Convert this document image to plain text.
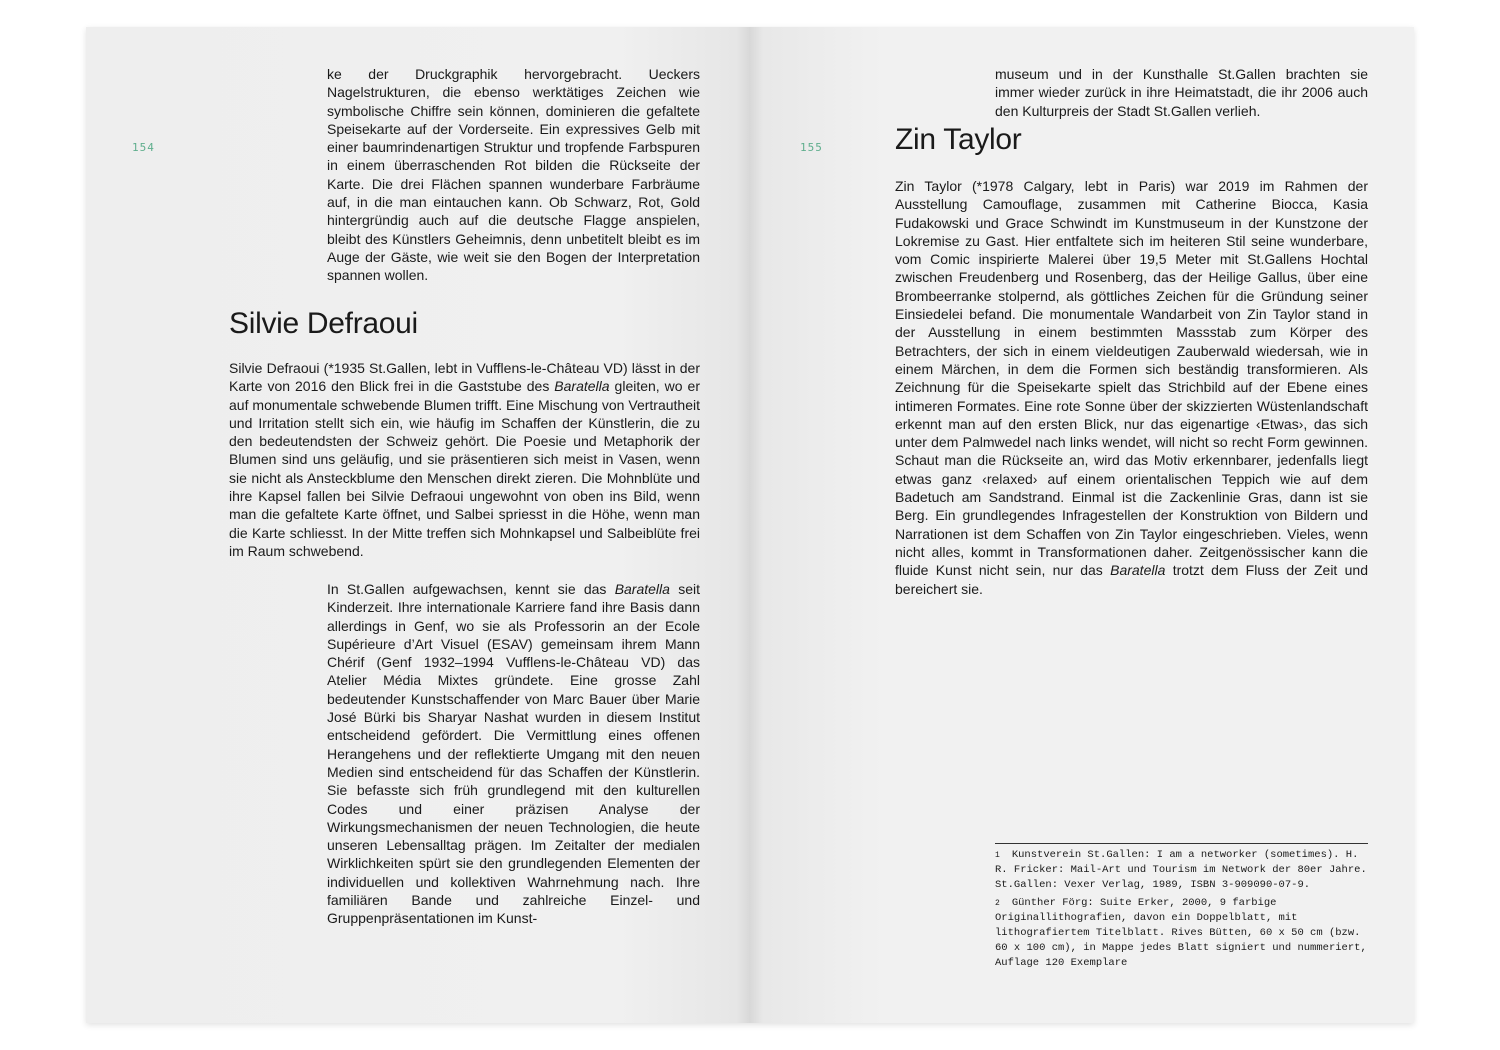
154

ke der Druckgraphik hervorgebracht. Ueckers Nagelstrukturen, die ebenso werktätiges Zeichen wie symbolische Chiffre sein können, dominieren die gefaltete Speisekarte auf der Vorderseite. Ein expressives Gelb mit einer baumrindenartigen Struktur und tropfende Farbspuren in einem überraschenden Rot bilden die Rückseite der Karte. Die drei Flächen spannen wunderbare Farbräume auf, in die man eintauchen kann. Ob Schwarz, Rot, Gold hintergründig auch auf die deutsche Flagge anspielen, bleibt des Künstlers Geheimnis, denn unbetitelt bleibt es im Auge der Gäste, wie weit sie den Bogen der Interpretation spannen wollen.

Silvie Defraoui

Silvie Defraoui (*1935 St.Gallen, lebt in Vufflens-le-Château VD) lässt in der Karte von 2016 den Blick frei in die Gaststube des Baratella gleiten, wo er auf monumentale schwebende Blumen trifft. Eine Mischung von Vertrautheit und Irritation stellt sich ein, wie häufig im Schaffen der Künstlerin, die zu den bedeutendsten der Schweiz gehört. Die Poesie und Metaphorik der Blumen sind uns geläufig, und sie präsentieren sich meist in Vasen, wenn sie nicht als Ansteckblume den Menschen direkt zieren. Die Mohnblüte und ihre Kapsel fallen bei Silvie Defraoui ungewohnt von oben ins Bild, wenn man die gefaltete Karte öffnet, und Salbei spriesst in die Höhe, wenn man die Karte schliesst. In der Mitte treffen sich Mohnkapsel und Salbeiblüte frei im Raum schwebend.

In St.Gallen aufgewachsen, kennt sie das Baratella seit Kinderzeit. Ihre internationale Karriere fand ihre Basis dann allerdings in Genf, wo sie als Professorin an der Ecole Supérieure d’Art Visuel (ESAV) gemeinsam ihrem Mann Chérif (Genf 1932–1994 Vufflens-le-Château VD) das Atelier Média Mixtes gründete. Eine grosse Zahl bedeutender Kunstschaffender von Marc Bauer über Marie José Bürki bis Sharyar Nashat wurden in diesem Institut entscheidend gefördert. Die Vermittlung eines offenen Herangehens und der reflektierte Umgang mit den neuen Medien sind entscheidend für das Schaffen der Künstlerin. Sie befasste sich früh grundlegend mit den kulturellen Codes und einer präzisen Analyse der Wirkungsmechanismen der neuen Technologien, die heute unseren Lebensalltag prägen. Im Zeitalter der medialen Wirklichkeiten spürt sie den grundlegenden Elementen der individuellen und kollektiven Wahrnehmung nach. Ihre familiären Bande und zahlreiche Einzel- und Gruppenpräsentationen im Kunst-

155

museum und in der Kunsthalle St.Gallen brachten sie immer wieder zurück in ihre Heimatstadt, die ihr 2006 auch den Kulturpreis der Stadt St.Gallen verlieh.

Zin Taylor

Zin Taylor (*1978 Calgary, lebt in Paris) war 2019 im Rahmen der Ausstellung Camouflage, zusammen mit Catherine Biocca, Kasia Fudakowski und Grace Schwindt im Kunstmuseum in der Kunstzone der Lokremise zu Gast. Hier entfaltete sich im heiteren Stil seine wunderbare, vom Comic inspirierte Malerei über 19,5 Meter mit St.Gallens Hochtal zwischen Freudenberg und Rosenberg, das der Heilige Gallus, über eine Brombeerranke stolpernd, als göttliches Zeichen für die Gründung seiner Einsiedelei befand. Die monumentale Wandarbeit von Zin Taylor stand in der Ausstellung in einem bestimmten Massstab zum Körper des Betrachters, der sich in einem vieldeutigen Zauberwald wiedersah, wie in einem Märchen, in dem die Formen sich beständig transformieren. Als Zeichnung für die Speisekarte spielt das Strichbild auf der Ebene eines intimeren Formates. Eine rote Sonne über der skizzierten Wüstenlandschaft erkennt man auf den ersten Blick, nur das eigenartige ‹Etwas›, das sich unter dem Palmwedel nach links wendet, will nicht so recht Form gewinnen. Schaut man die Rückseite an, wird das Motiv erkennbarer, jedenfalls liegt etwas ganz ‹relaxed› auf einem orientalischen Teppich wie auf dem Badetuch am Sandstrand. Einmal ist die Zackenlinie Gras, dann ist sie Berg. Ein grundlegendes Infragestellen der Konstruktion von Bildern und Narrationen ist dem Schaffen von Zin Taylor eingeschrieben. Vieles, wenn nicht alles, kommt in Transformationen daher. Zeitgenössischer kann die fluide Kunst nicht sein, nur das Baratella trotzt dem Fluss der Zeit und bereichert sie.

$^1$ Kunstverein St.Gallen: I am a networker (sometimes). H. R. Fricker: Mail-Art und Tourism im Network der 80er Jahre. St.Gallen: Vexer Verlag, 1989, ISBN 3-909090-07-9.

$^2$ Günther Förg: Suite Erker, 2000, 9 farbige Originallithografien, davon ein Doppelblatt, mit lithografiertem Titelblatt. Rives Bütten, 60 x 50 cm (bzw. 60 x 100 cm), in Mappe jedes Blatt signiert und nummeriert, Auflage 120 Exemplare
